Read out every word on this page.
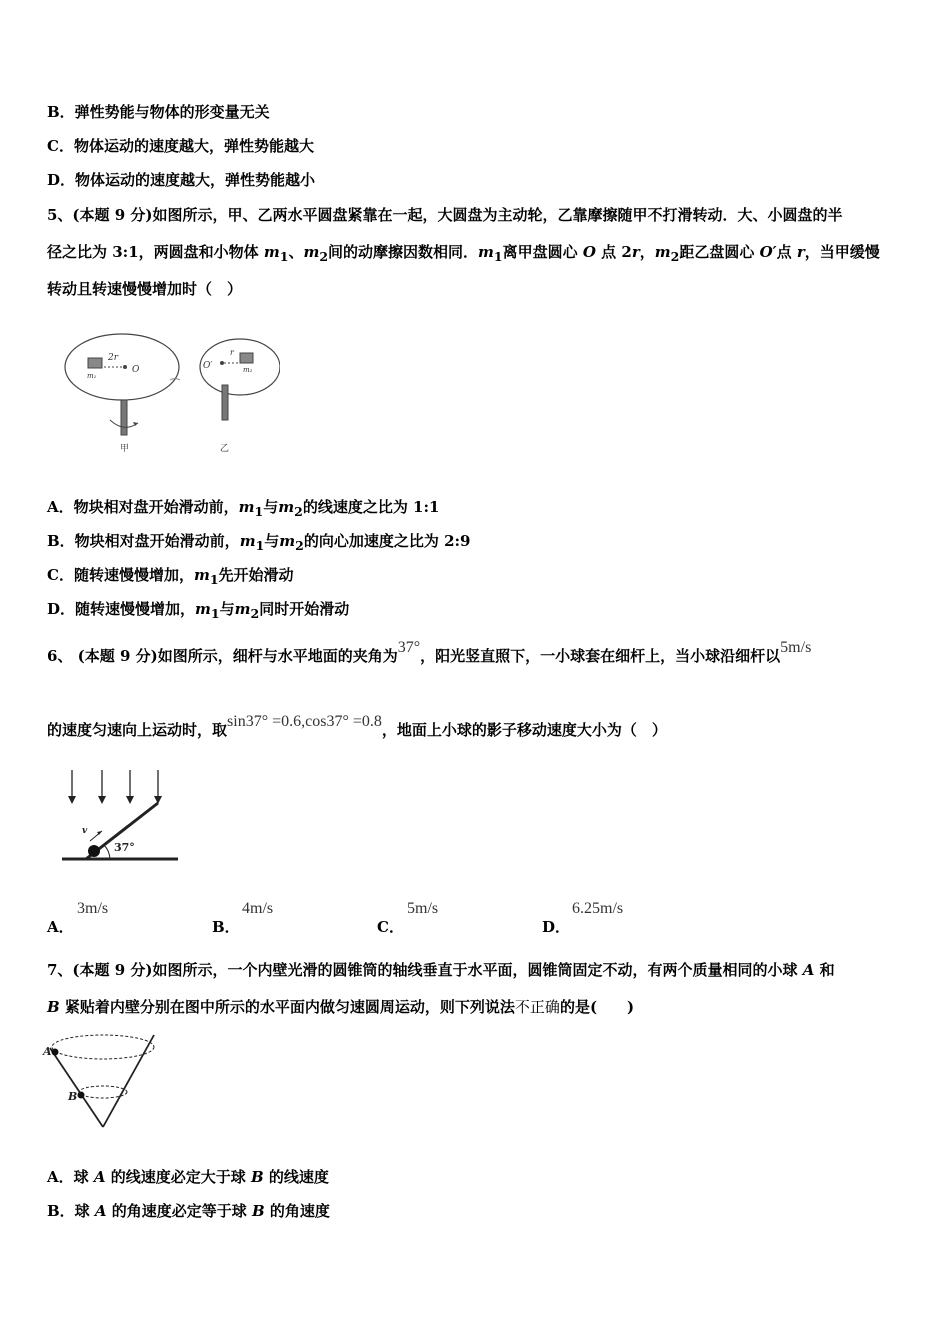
B．弹性势能与物体的形变量无关
C．物体运动的速度越大，弹性势能越大
D．物体运动的速度越大，弹性势能越小
5、(本题 9 分)如图所示，甲、乙两水平圆盘紧靠在一起，大圆盘为主动轮，乙靠摩擦随甲不打滑转动．大、小圆盘的半
径之比为 3:1，两圆盘和小物体 $m_1$、$m_2$间的动摩擦因数相同．$m_1$离甲盘圆心 O 点 2r，$m_2$距乙盘圆心 O′点 r，当甲缓慢
转动且转速慢慢增加时（　）
2r
O
m₁
O′
r
m₂
甲	乙
A．物块相对盘开始滑动前，$m_1$与$m_2$的线速度之比为 1:1
B．物块相对盘开始滑动前，$m_1$与$m_2$的向心加速度之比为 2:9
C．随转速慢慢增加，$m_1$先开始滑动
D．随转速慢慢增加，$m_1$与$m_2$同时开始滑动
6、 (本题 9 分)如图所示，细杆与水平地面的夹角为37°，阳光竖直照下，一小球套在细杆上，当小球沿细杆以5m/s
的速度匀速向上运动时，取sin37° =0.6,cos37° =0.8，地面上小球的影子移动速度大小为（　）
v
37°
A．
3m/s
B．
4m/s
C．
5m/s
D．
6.25m/s
7、(本题 9 分)如图所示，一个内壁光滑的圆锥筒的轴线垂直于水平面，圆锥筒固定不动，有两个质量相同的小球 A 和
B 紧贴着内壁分别在图中所示的水平面内做匀速圆周运动，则下列说法不正确的是(　　)
A
B
A．球 A 的线速度必定大于球 B 的线速度
B．球 A 的角速度必定等于球 B 的角速度
